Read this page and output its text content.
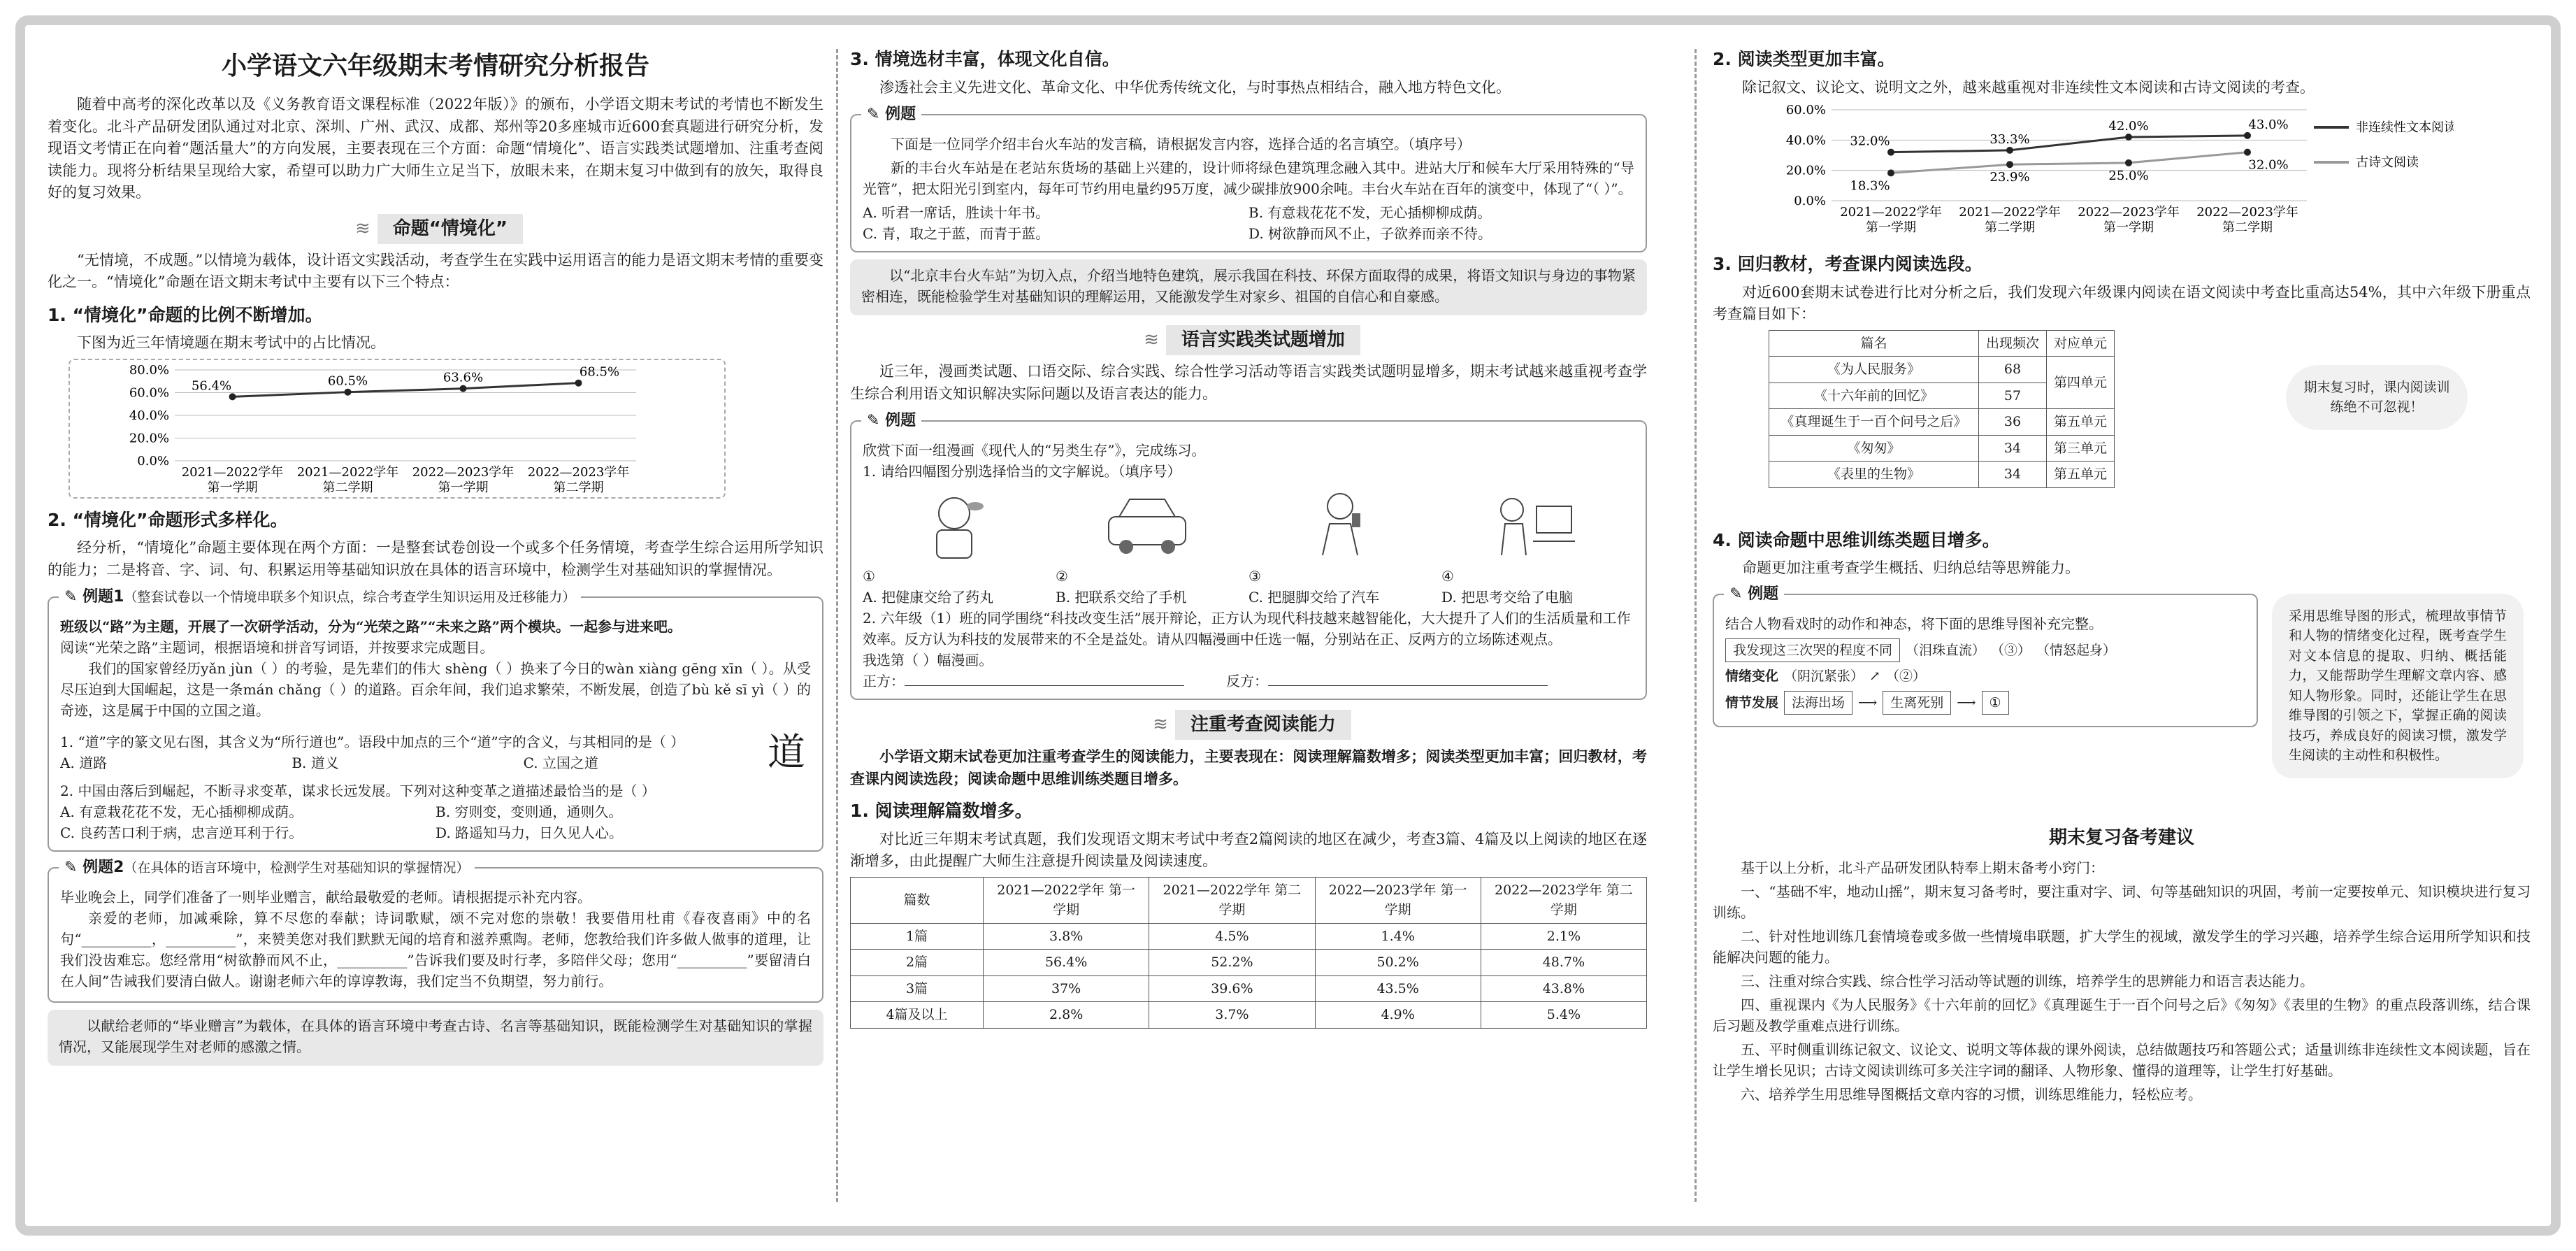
小学语文六年级期末考情研究分析报告

随着中高考的深化改革以及《义务教育语文课程标准（2022年版）》的颁布，小学语文期末考试的考情也不断发生着变化。北斗产品研发团队通过对北京、深圳、广州、武汉、成都、郑州等20多座城市近600套真题进行研究分析，发现语文考情正在向着“题活量大”的方向发展，主要表现在三个方面：命题“情境化”、语言实践类试题增加、注重考查阅读能力。现将分析结果呈现给大家，希望可以助力广大师生立足当下，放眼未来，在期末复习中做到有的放矢，取得良好的复习效果。

≋ 命题“情境化”

“无情境，不成题。”以情境为载体，设计语文实践活动，考查学生在实践中运用语言的能力是语文期末考情的重要变化之一。“情境化”命题在语文期末考试中主要有以下三个特点：

1. “情境化”命题的比例不断增加。

下图为近三年情境题在期末考试中的占比情况。

0.0%
20.0%
40.0%
60.0%
80.0%
2021—2022学年
第一学期
2021—2022学年
第二学期
2022—2023学年
第一学期
2022—2023学年
第二学期
56.4%	60.5%	63.6%	68.5%
2. “情境化”命题形式多样化。

经分析，“情境化”命题主要体现在两个方面：一是整套试卷创设一个或多个任务情境，考查学生综合运用所学知识的能力；二是将音、字、词、句、积累运用等基础知识放在具体的语言环境中，检测学生对基础知识的掌握情况。

✎ 例题1（整套试卷以一个情境串联多个知识点，综合考查学生知识运用及迁移能力）
班级以“路”为主题，开展了一次研学活动，分为“光荣之路”“未来之路”两个模块。一起参与进来吧。
阅读“光荣之路”主题词，根据语境和拼音写词语，并按要求完成题目。

我们的国家曾经历yǎn jùn（ ）的考验，是先辈们的伟大 shèng（ ）换来了今日的wàn xiàng gēng xīn（ ）。从受尽压迫到大国崛起，这是一条mán chǎng（ ）的道路。百余年间，我们追求繁荣，不断发展，创造了bù kě sī yì（ ）的奇迹，这是属于中国的立国之道。

1. “道”字的篆文见右图，其含义为“所行道也”。语段中加点的三个“道”字的含义，与其相同的是（ ）
A. 道路	B. 道义	C. 立国之道	道
2. 中国由落后到崛起，不断寻求变革，谋求长远发展。下列对这种变革之道描述最恰当的是（ ）
A. 有意栽花花不发，无心插柳柳成荫。	B. 穷则变，变则通，通则久。
C. 良药苦口利于病，忠言逆耳利于行。	D. 路遥知马力，日久见人心。
✎ 例题2（在具体的语言环境中，检测学生对基础知识的掌握情况）
毕业晚会上，同学们准备了一则毕业赠言，献给最敬爱的老师。请根据提示补充内容。

亲爱的老师，加减乘除，算不尽您的奉献；诗词歌赋，颂不完对您的崇敬！我要借用杜甫《春夜喜雨》中的名句“__________，__________”，来赞美您对我们默默无闻的培育和滋养熏陶。老师，您教给我们许多做人做事的道理，让我们没齿难忘。您经常用“树欲静而风不止，__________”告诉我们要及时行孝，多陪伴父母；您用“__________”要留清白在人间”告诫我们要清白做人。谢谢老师六年的谆谆教诲，我们定当不负期望，努力前行。

以献给老师的“毕业赠言”为载体，在具体的语言环境中考查古诗、名言等基础知识，既能检测学生对基础知识的掌握情况，又能展现学生对老师的感激之情。

3. 情境选材丰富，体现文化自信。

渗透社会主义先进文化、革命文化、中华优秀传统文化，与时事热点相结合，融入地方特色文化。

✎ 例题

下面是一位同学介绍丰台火车站的发言稿，请根据发言内容，选择合适的名言填空。（填序号）

新的丰台火车站是在老站东货场的基础上兴建的，设计师将绿色建筑理念融入其中。进站大厅和候车大厅采用特殊的“导光管”，把太阳光引到室内，每年可节约用电量约95万度，减少碳排放900余吨。丰台火车站在百年的演变中，体现了“（ ）”。

A. 听君一席话，胜读十年书。	B. 有意栽花花不发，无心插柳柳成荫。
C. 青，取之于蓝，而青于蓝。	D. 树欲静而风不止，子欲养而亲不待。

以“北京丰台火车站”为切入点，介绍当地特色建筑，展示我国在科技、环保方面取得的成果，将语文知识与身边的事物紧密相连，既能检验学生对基础知识的理解运用，又能激发学生对家乡、祖国的自信心和自豪感。

≋ 语言实践类试题增加

近三年，漫画类试题、口语交际、综合实践、综合性学习活动等语言实践类试题明显增多，期末考试越来越重视考查学生综合利用语文知识解决实际问题以及语言表达的能力。

✎ 例题
欣赏下面一组漫画《现代人的“另类生存”》，完成练习。
1. 请给四幅图分别选择恰当的文字解说。（填序号）
①	②	③	④
A. 把健康交给了药丸	B. 把联系交给了手机	C. 把腿脚交给了汽车	D. 把思考交给了电脑
2. 六年级（1）班的同学围绕“科技改变生活”展开辩论，正方认为现代科技越来越智能化，大大提升了人们的生活质量和工作效率。反方认为科技的发展带来的不全是益处。请从四幅漫画中任选一幅，分别站在正、反两方的立场陈述观点。
我选第（ ）幅漫画。
正方：	反方：
≋ 注重考查阅读能力

小学语文期末试卷更加注重考查学生的阅读能力，主要表现在：阅读理解篇数增多；阅读类型更加丰富；回归教材，考查课内阅读选段；阅读命题中思维训练类题目增多。

1. 阅读理解篇数增多。

对比近三年期末考试真题，我们发现语文期末考试中考查2篇阅读的地区在减少，考查3篇、4篇及以上阅读的地区在逐渐增多，由此提醒广大师生注意提升阅读量及阅读速度。

篇数	2021—2022学年 第一学期	2021—2022学年 第二学期	2022—2023学年 第一学期	2022—2023学年 第二学期
1篇	3.8%	4.5%	1.4%	2.1%
2篇	56.4%	52.2%	50.2%	48.7%
3篇	37%	39.6%	43.5%	43.8%
4篇及以上	2.8%	3.7%	4.9%	5.4%
2. 阅读类型更加丰富。

除记叙文、议论文、说明文之外，越来越重视对非连续性文本阅读和古诗文阅读的考查。

0.0%
20.0%
40.0%
60.0%
2021—2022学年
第一学期
2021—2022学年
第二学期
2022—2023学年
第一学期
2022—2023学年
第二学期
32.0%	33.3%
42.0%	43.0%	非连续性文本阅读
18.3%
23.9%	25.0%
32.0%	古诗文阅读
3. 回归教材，考查课内阅读选段。

对近600套期末试卷进行比对分析之后，我们发现六年级课内阅读在语文阅读中考查比重高达54%，其中六年级下册重点考查篇目如下：

篇名	出现频次	对应单元
《为人民服务》	68	第四单元
《十六年前的回忆》	57	
《真理诞生于一百个问号之后》	36	第五单元
《匆匆》	34	第三单元
《表里的生物》	34	第五单元
期末复习时，课内阅读训练绝不可忽视！
4. 阅读命题中思维训练类题目增多。

命题更加注重考查学生概括、归纳总结等思辨能力。

✎ 例题
结合人物看戏时的动作和神态，将下面的思维导图补充完整。
我发现这三次哭的程度不同	（泪珠直流） （③） （情怒起身）
情绪变化 （阴沉紧张） ↗ （②）
情节发展	法海出场	⟶	生离死别	⟶	①
采用思维导图的形式，梳理故事情节和人物的情绪变化过程，既考查学生对文本信息的提取、归纳、概括能力，又能帮助学生理解文章内容、感知人物形象。同时，还能让学生在思维导图的引领之下，掌握正确的阅读技巧，养成良好的阅读习惯，激发学生阅读的主动性和积极性。
期末复习备考建议

基于以上分析，北斗产品研发团队特奉上期末备考小窍门：

一、“基础不牢，地动山摇”，期末复习备考时，要注重对字、词、句等基础知识的巩固，考前一定要按单元、知识模块进行复习训练。

二、针对性地训练几套情境卷或多做一些情境串联题，扩大学生的视域，激发学生的学习兴趣，培养学生综合运用所学知识和技能解决问题的能力。

三、注重对综合实践、综合性学习活动等试题的训练，培养学生的思辨能力和语言表达能力。

四、重视课内《为人民服务》《十六年前的回忆》《真理诞生于一百个问号之后》《匆匆》《表里的生物》的重点段落训练，结合课后习题及教学重难点进行训练。

五、平时侧重训练记叙文、议论文、说明文等体裁的课外阅读，总结做题技巧和答题公式；适量训练非连续性文本阅读题，旨在让学生增长见识；古诗文阅读训练可多关注字词的翻译、人物形象、懂得的道理等，让学生打好基础。

六、培养学生用思维导图概括文章内容的习惯，训练思维能力，轻松应考。
